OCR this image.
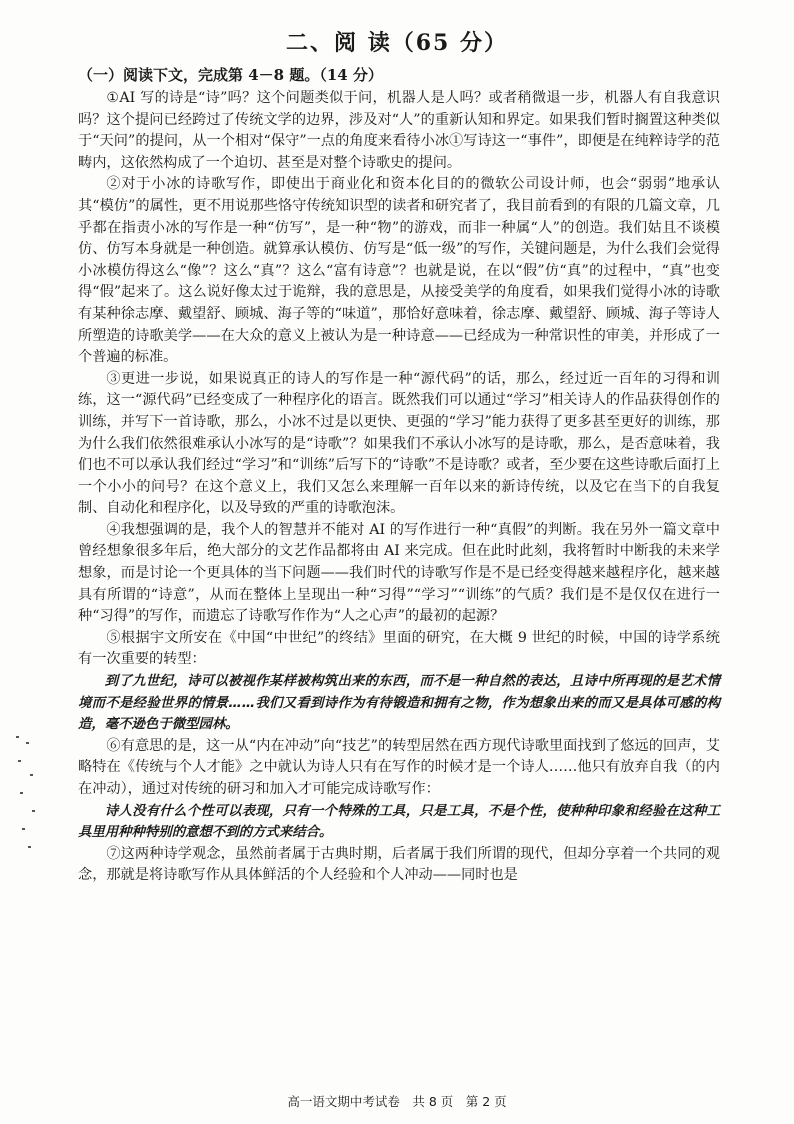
二、阅 读（65 分）
（一）阅读下文，完成第 4－8 题。（14 分）

①AI 写的诗是“诗”吗？这个问题类似于问，机器人是人吗？或者稍微退一步，机器人有自我意识吗？这个提问已经跨过了传统文学的边界，涉及对“人”的重新认知和界定。如果我们暂时搁置这种类似于“天问”的提问，从一个相对“保守”一点的角度来看待小冰①写诗这一“事件”，即便是在纯粹诗学的范畴内，这依然构成了一个迫切、甚至是对整个诗歌史的提问。

②对于小冰的诗歌写作，即使出于商业化和资本化目的的微软公司设计师，也会“弱弱”地承认其“模仿”的属性，更不用说那些恪守传统知识型的读者和研究者了，我目前看到的有限的几篇文章，几乎都在指责小冰的写作是一种“仿写”，是一种“物”的游戏，而非一种属“人”的创造。我们姑且不谈模仿、仿写本身就是一种创造。就算承认模仿、仿写是“低一级”的写作，关键问题是，为什么我们会觉得小冰模仿得这么“像”？这么“真”？这么“富有诗意”？也就是说，在以“假”仿“真”的过程中，“真”也变得“假”起来了。这么说好像太过于诡辩，我的意思是，从接受美学的角度看，如果我们觉得小冰的诗歌有某种徐志摩、戴望舒、顾城、海子等的“味道”，那恰好意味着，徐志摩、戴望舒、顾城、海子等诗人所塑造的诗歌美学——在大众的意义上被认为是一种诗意——已经成为一种常识性的审美，并形成了一个普遍的标准。

③更进一步说，如果说真正的诗人的写作是一种“源代码”的话，那么，经过近一百年的习得和训练，这一“源代码”已经变成了一种程序化的语言。既然我们可以通过“学习”相关诗人的作品获得创作的训练，并写下一首诗歌，那么，小冰不过是以更快、更强的“学习”能力获得了更多甚至更好的训练，那为什么我们依然很难承认小冰写的是“诗歌”？如果我们不承认小冰写的是诗歌，那么，是否意味着，我们也不可以承认我们经过“学习”和“训练”后写下的“诗歌”不是诗歌？或者，至少要在这些诗歌后面打上一个小小的问号？在这个意义上，我们又怎么来理解一百年以来的新诗传统，以及它在当下的自我复制、自动化和程序化，以及导致的严重的诗歌泡沫。

④我想强调的是，我个人的智慧并不能对 AI 的写作进行一种“真假”的判断。我在另外一篇文章中曾经想象很多年后，绝大部分的文艺作品都将由 AI 来完成。但在此时此刻，我将暂时中断我的未来学想象，而是讨论一个更具体的当下问题——我们时代的诗歌写作是不是已经变得越来越程序化，越来越具有所谓的“诗意”，从而在整体上呈现出一种“习得”“学习”“训练”的气质？我们是不是仅仅在进行一种“习得”的写作，而遗忘了诗歌写作作为“人之心声”的最初的起源？

⑤根据宇文所安在《中国“中世纪”的终结》里面的研究，在大概 9 世纪的时候，中国的诗学系统有一次重要的转型：

到了九世纪，诗可以被视作某样被构筑出来的东西，而不是一种自然的表达，且诗中所再现的是艺术情境而不是经验世界的情景……我们又看到诗作为有待锻造和拥有之物，作为想象出来的而又是具体可感的构造，毫不逊色于微型园林。

⑥有意思的是，这一从“内在冲动”向“技艺”的转型居然在西方现代诗歌里面找到了悠远的回声，艾略特在《传统与个人才能》之中就认为诗人只有在写作的时候才是一个诗人……他只有放弃自我（的内在冲动），通过对传统的研习和加入才可能完成诗歌写作：

诗人没有什么个性可以表现，只有一个特殊的工具，只是工具，不是个性，使种种印象和经验在这种工具里用种种特别的意想不到的方式来结合。

⑦这两种诗学观念，虽然前者属于古典时期，后者属于我们所谓的现代，但却分享着一个共同的观念，那就是将诗歌写作从具体鲜活的个人经验和个人冲动——同时也是

高一语文期中考试卷　共 8 页　第 2 页
